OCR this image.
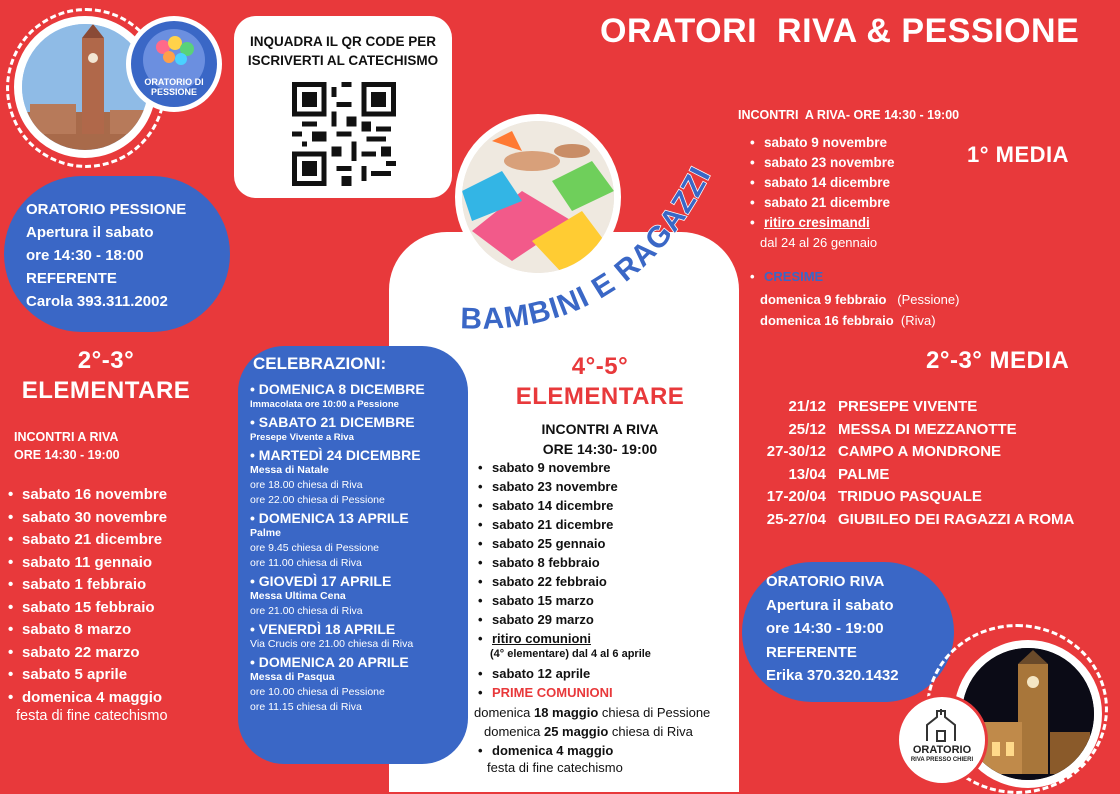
ORATORIO DI
PESSIONE
INQUADRA IL QR CODE PER
ISCRIVERTI AL CATECHISMO
ORATORI  RIVA & PESSIONE
BAMBINI E RAGAZZI
ORATORIO PESSIONE
Apertura il sabato
ore 14:30 - 18:00
REFERENTE
Carola 393.311.2002
2°-3°
ELEMENTARE
INCONTRI A RIVA
ORE 14:30 - 19:00
• sabato 16 novembre
• sabato 30 novembre
• sabato 21 dicembre
• sabato 11 gennaio
• sabato 1 febbraio
• sabato 15 febbraio
• sabato 8 marzo
• sabato 22 marzo
• sabato 5 aprile
• domenica 4 maggio
festa di fine catechismo
CELEBRAZIONI:
• DOMENICA 8 DICEMBRE
Immacolata ore 10:00 a Pessione
• SABATO 21 DICEMBRE
Presepe Vivente a Riva
• MARTEDÌ 24 DICEMBRE
Messa di Natale
ore 18.00 chiesa di Riva
ore 22.00 chiesa di Pessione
• DOMENICA 13 APRILE
Palme
ore 9.45 chiesa di Pessione
ore 11.00 chiesa di Riva
• GIOVEDÌ 17 APRILE
Messa Ultima Cena
ore 21.00 chiesa di Riva
• VENERDÌ 18 APRILE
Via Crucis ore 21.00 chiesa di Riva
• DOMENICA 20 APRILE
Messa di Pasqua
ore 10.00 chiesa di Pessione
ore 11.15 chiesa di Riva
4°-5°
ELEMENTARE
INCONTRI A RIVA
ORE 14:30- 19:00
• sabato 9 novembre
• sabato 23 novembre
• sabato 14 dicembre
• sabato 21 dicembre
• sabato 25 gennaio
• sabato 8 febbraio
• sabato 22 febbraio
• sabato 15 marzo
• sabato 29 marzo
• ritiro comunioni
(4° elementare) dal 4 al 6 aprile
• sabato 12 aprile
• PRIME COMUNIONI
domenica 18 maggio chiesa di Pessione
domenica 25 maggio chiesa di Riva
• domenica 4 maggio
festa di fine catechismo
INCONTRI  A RIVA- ORE 14:30 - 19:00
1° MEDIA
• sabato 9 novembre
• sabato 23 novembre
• sabato 14 dicembre
• sabato 21 dicembre
• ritiro cresimandi
dal 24 al 26 gennaio
• CRESIME
domenica 9 febbraio (Pessione)
domenica 16 febbraio (Riva)
2°-3° MEDIA
21/12 PRESEPE VIVENTE
25/12 MESSA DI MEZZANOTTE
27-30/12 CAMPO A MONDRONE
13/04 PALME
17-20/04 TRIDUO PASQUALE
25-27/04 GIUBILEO DEI RAGAZZI A ROMA
ORATORIO RIVA
Apertura il sabato
ore 14:30 - 19:00
REFERENTE
Erika 370.320.1432
ORATORIO
RIVA PRESSO CHIERI
